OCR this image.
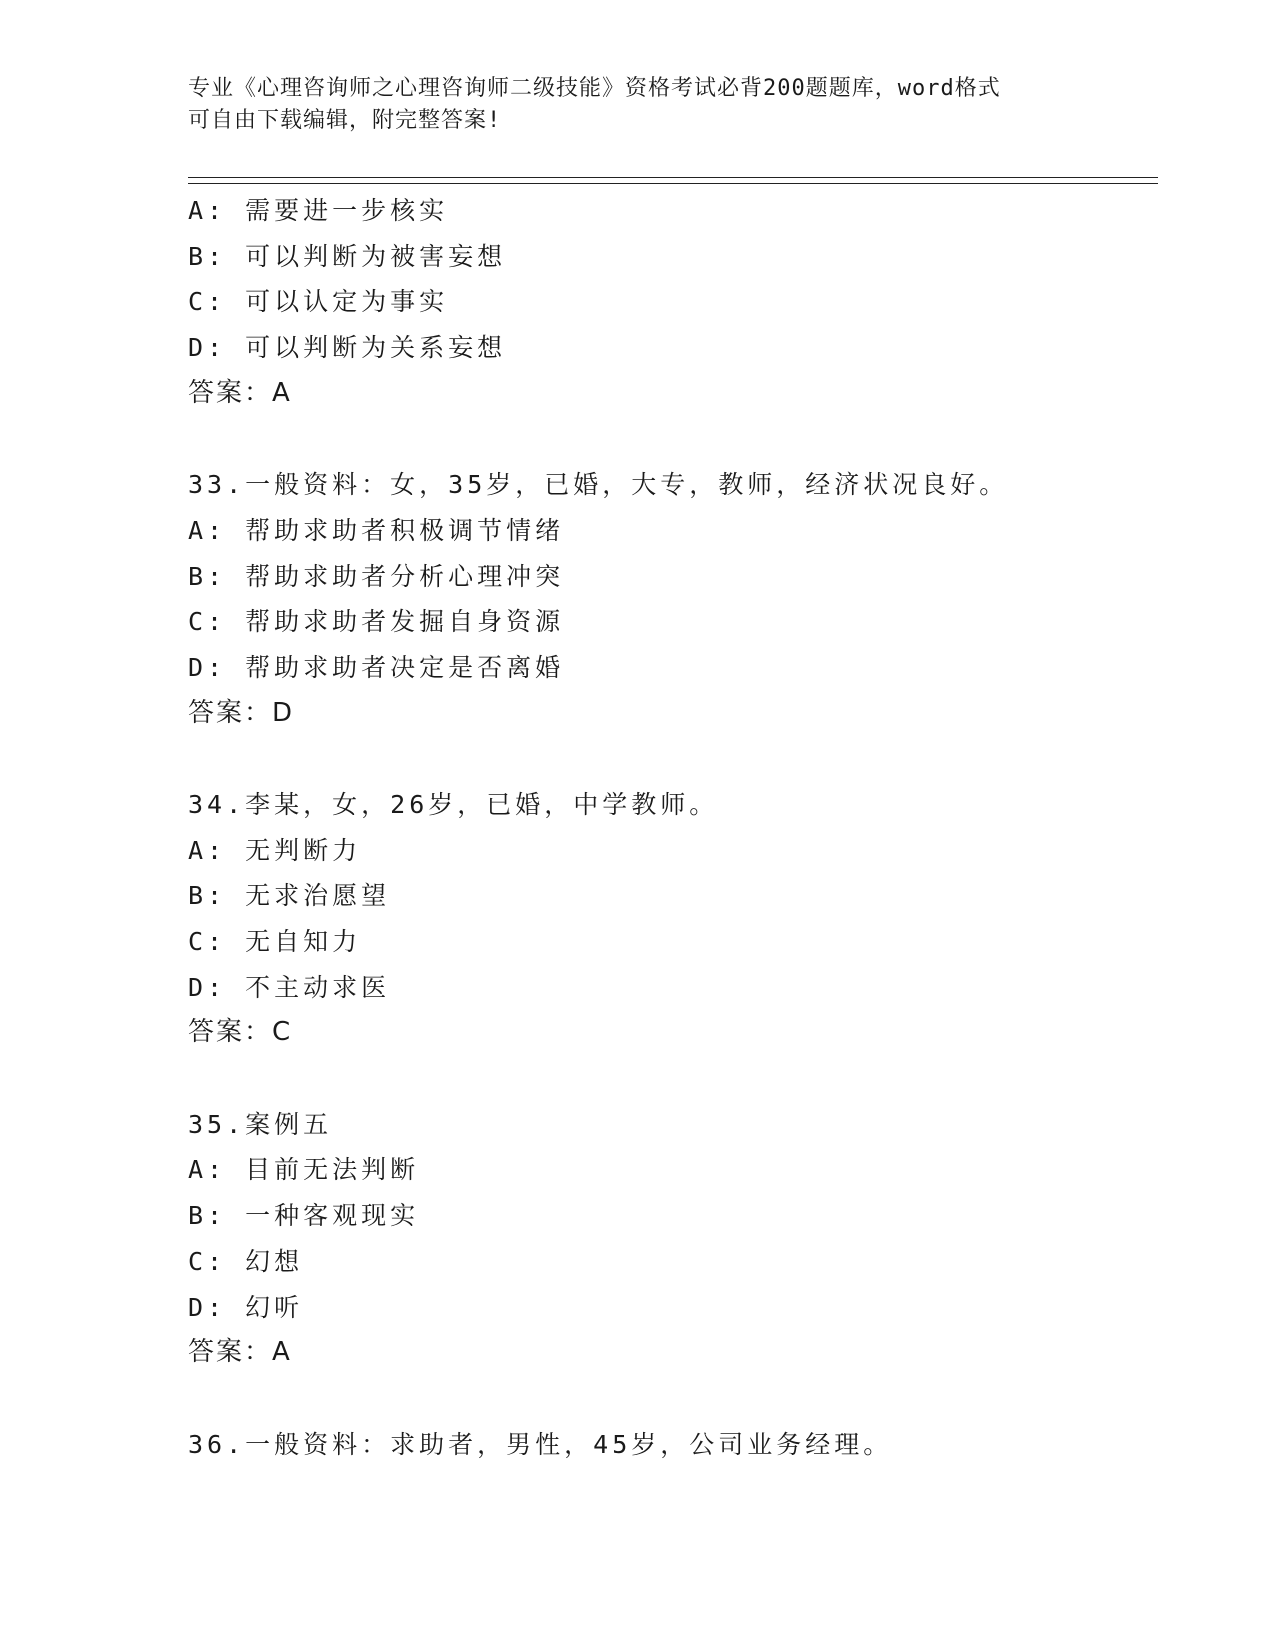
专业《心理咨询师之心理咨询师二级技能》资格考试必背200题题库，word格式
可自由下载编辑，附完整答案!
A: 需要进一步核实
B: 可以判断为被害妄想
C: 可以认定为事实
D: 可以判断为关系妄想
答案：A
33.一般资料：女，35岁，已婚，大专，教师，经济状况良好。
A: 帮助求助者积极调节情绪
B: 帮助求助者分析心理冲突
C: 帮助求助者发掘自身资源
D: 帮助求助者决定是否离婚
答案：D
34.李某，女，26岁，已婚，中学教师。
A: 无判断力
B: 无求治愿望
C: 无自知力
D: 不主动求医
答案：C
35.案例五
A: 目前无法判断
B: 一种客观现实
C: 幻想
D: 幻听
答案：A
36.一般资料：求助者，男性，45岁，公司业务经理。
